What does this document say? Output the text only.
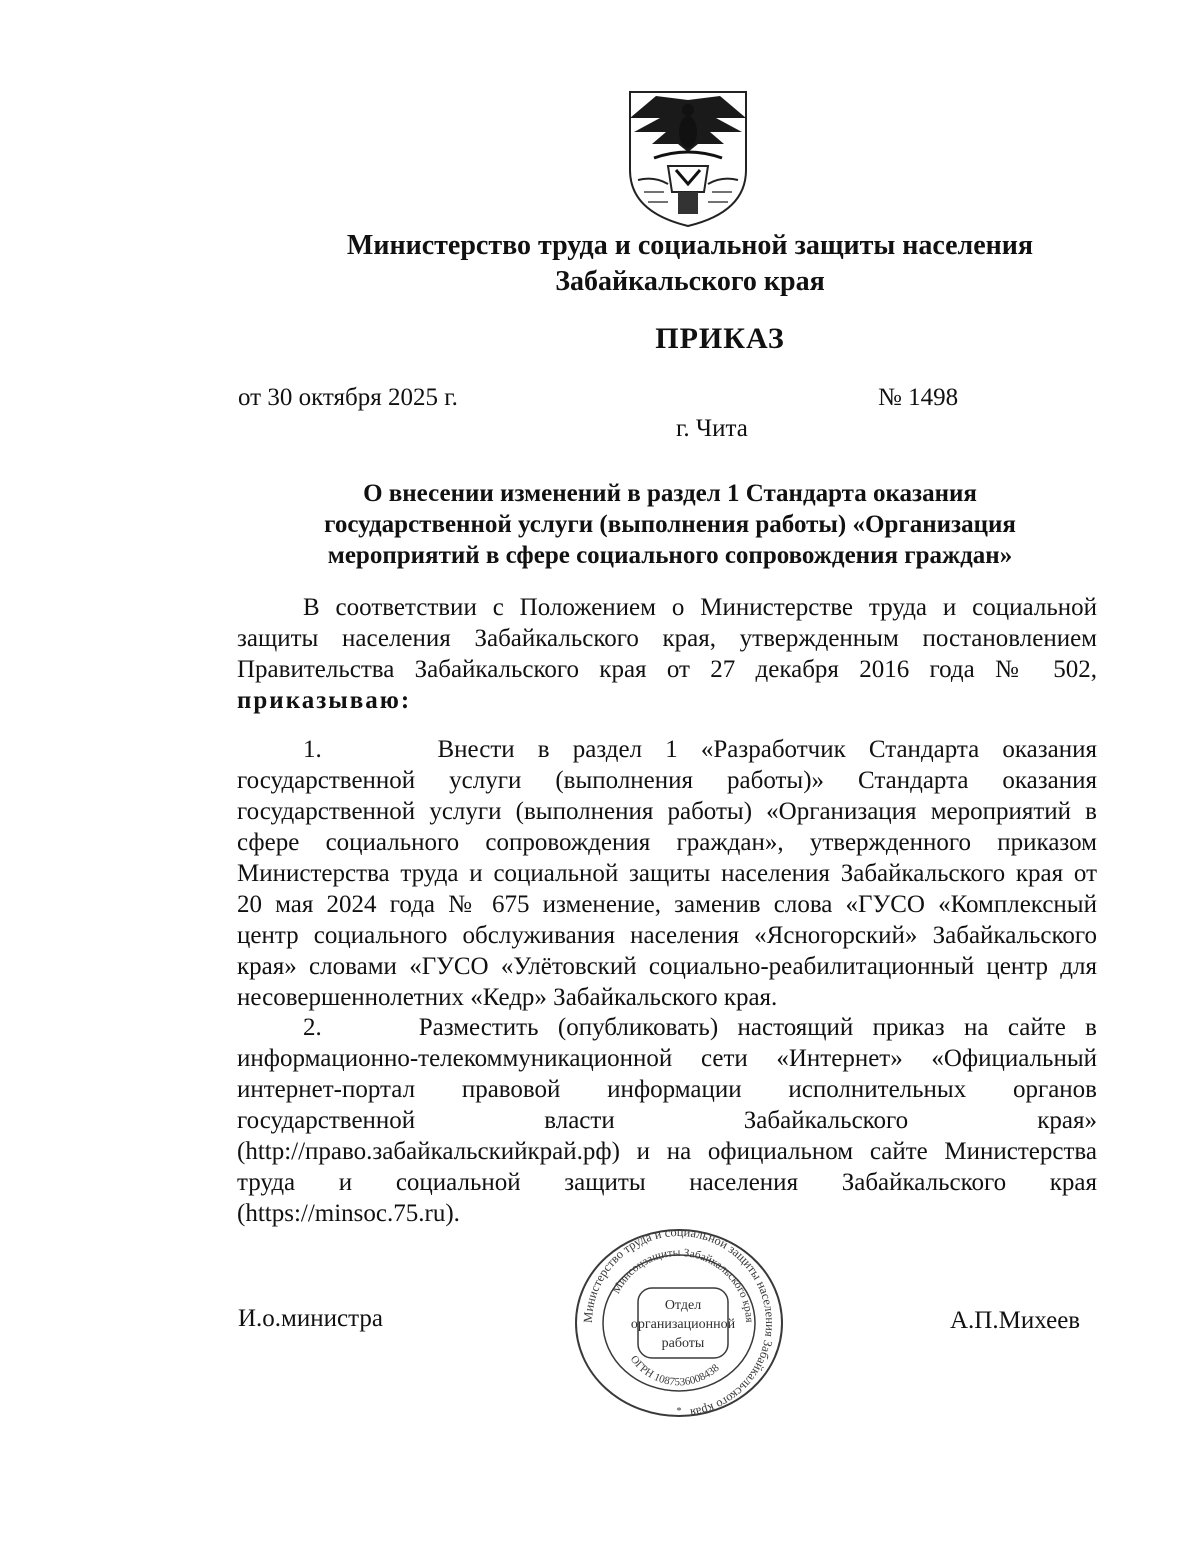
Министерство труда и социальной защиты населения
Забайкальского края
ПРИКАЗ
от 30 октября 2025 г.	№ 1498
г. Чита
О внесении изменений в раздел 1 Стандарта оказания
государственной услуги (выполнения работы) «Организация
мероприятий в сфере социального сопровождения граждан»
В соответствии с Положением о Министерстве труда и социальной
защиты населения Забайкальского края, утвержденным постановлением
Правительства Забайкальского края от 27 декабря 2016 года № 502,
приказываю:
1.     Внести в раздел 1 «Разработчик Стандарта оказания
государственной услуги (выполнения работы)» Стандарта оказания
государственной услуги (выполнения работы) «Организация мероприятий в
сфере социального сопровождения граждан», утвержденного приказом
Министерства труда и социальной защиты населения Забайкальского края от
20 мая 2024 года № 675 изменение, заменив слова «ГУСО «Комплексный
центр социального обслуживания населения «Ясногорский» Забайкальского
края» словами «ГУСО «Улётовский социально-реабилитационный центр для
несовершеннолетних «Кедр» Забайкальского края.
2.     Разместить (опубликовать) настоящий приказ на сайте в
информационно-телекоммуникационной сети «Интернет» «Официальный
интернет-портал правовой информации исполнительных органов
государственной власти Забайкальского края»
(http://право.забайкальскийкрай.рф) и на официальном сайте Министерства
труда и социальной защиты населения Забайкальского края
(https://minsoc.75.ru).
Министерство труда и социальной защиты населения Забайкальского края
Минсоцзащиты Забайкальского края
ОГРН 1087536008438
Отдел
организационной
работы
*
И.о.министра	А.П.Михеев
